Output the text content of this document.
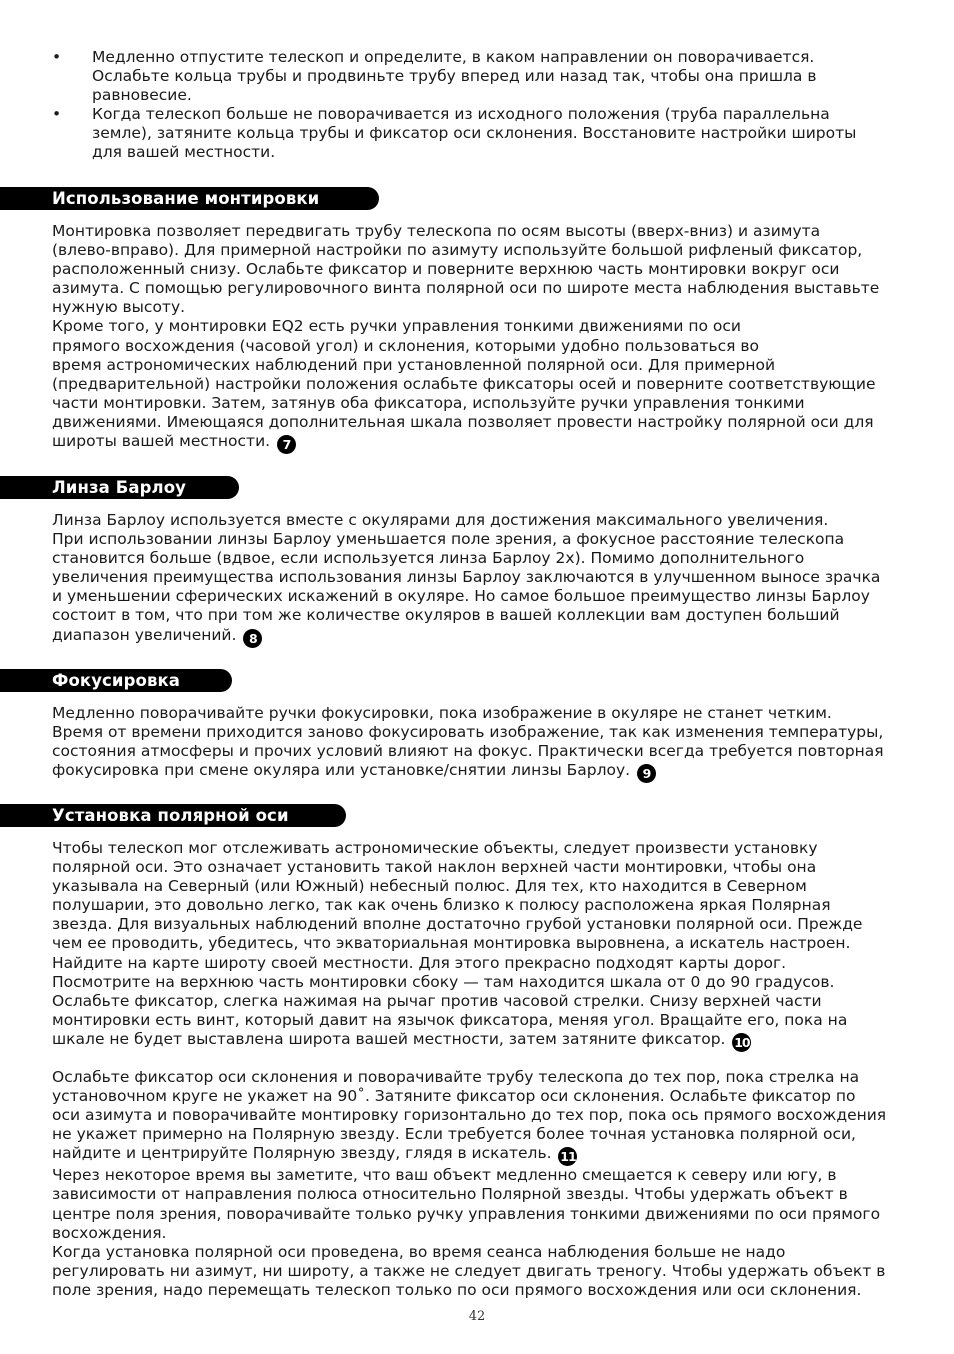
• Медленно отпустите телескоп и определите, в каком направлении он поворачивается.
Ослабьте кольца трубы и продвиньте трубу вперед или назад так, чтобы она пришла в
равновесие.
• Когда телескоп больше не поворачивается из исходного положения (труба параллельна
земле), затяните кольца трубы и фиксатор оси склонения. Восстановите настройки широты
для вашей местности.
Использование монтировки

Монтировка позволяет передвигать трубу телескопа по осям высоты (вверх-вниз) и азимута
(влево-вправо). Для примерной настройки по азимуту используйте большой рифленый фиксатор,
расположенный снизу. Ослабьте фиксатор и поверните верхнюю часть монтировки вокруг оси
азимута. С помощью регулировочного винта полярной оси по широте места наблюдения выставьте
нужную высоту.
Кроме того, у монтировки EQ2 есть ручки управления тонкими движениями по оси
прямого восхождения (часовой угол) и склонения, которыми удобно пользоваться во
время астрономических наблюдений при установленной полярной оси. Для примерной
(предварительной) настройки положения ослабьте фиксаторы осей и поверните соответствующие
части монтировки. Затем, затянув оба фиксатора, используйте ручки управления тонкими
движениями. Имеющаяся дополнительная шкала позволяет провести настройку полярной оси для
широты вашей местности. 7

Линза Барлоу

Линза Барлоу используется вместе с окулярами для достижения максимального увеличения.
При использовании линзы Барлоу уменьшается поле зрения, а фокусное расстояние телескопа
становится больше (вдвое, если используется линза Барлоу 2x). Помимо дополнительного
увеличения преимущества использования линзы Барлоу заключаются в улучшенном выносе зрачка
и уменьшении сферических искажений в окуляре. Но самое большое преимущество линзы Барлоу
состоит в том, что при том же количестве окуляров в вашей коллекции вам доступен больший
диапазон увеличений. 8

Фокусировка

Медленно поворачивайте ручки фокусировки, пока изображение в окуляре не станет четким.
Время от времени приходится заново фокусировать изображение, так как изменения температуры,
состояния атмосферы и прочих условий влияют на фокус. Практически всегда требуется повторная
фокусировка при смене окуляра или установке/снятии линзы Барлоу. 9

Установка полярной оси

Чтобы телескоп мог отслеживать астрономические объекты, следует произвести установку
полярной оси. Это означает установить такой наклон верхней части монтировки, чтобы она
указывала на Северный (или Южный) небесный полюс. Для тех, кто находится в Северном
полушарии, это довольно легко, так как очень близко к полюсу расположена яркая Полярная
звезда. Для визуальных наблюдений вполне достаточно грубой установки полярной оси. Прежде
чем ее проводить, убедитесь, что экваториальная монтировка выровнена, а искатель настроен.
Найдите на карте широту своей местности. Для этого прекрасно подходят карты дорог.
Посмотрите на верхнюю часть монтировки сбоку — там находится шкала от 0 до 90 градусов.
Ослабьте фиксатор, слегка нажимая на рычаг против часовой стрелки. Снизу верхней части
монтировки есть винт, который давит на язычок фиксатора, меняя угол. Вращайте его, пока на
шкале не будет выставлена широта вашей местности, затем затяните фиксатор. 10

Ослабьте фиксатор оси склонения и поворачивайте трубу телескопа до тех пор, пока стрелка на
установочном круге не укажет на 90˚. Затяните фиксатор оси склонения. Ослабьте фиксатор по
оси азимута и поворачивайте монтировку горизонтально до тех пор, пока ось прямого восхождения
не укажет примерно на Полярную звезду. Если требуется более точная установка полярной оси,
найдите и центрируйте Полярную звезду, глядя в искатель. 11
Через некоторое время вы заметите, что ваш объект медленно смещается к северу или югу, в
зависимости от направления полюса относительно Полярной звезды. Чтобы удержать объект в
центре поля зрения, поворачивайте только ручку управления тонкими движениями по оси прямого
восхождения.
Когда установка полярной оси проведена, во время сеанса наблюдения больше не надо
регулировать ни азимут, ни широту, а также не следует двигать треногу. Чтобы удержать объект в
поле зрения, надо перемещать телескоп только по оси прямого восхождения или оси склонения.

42
